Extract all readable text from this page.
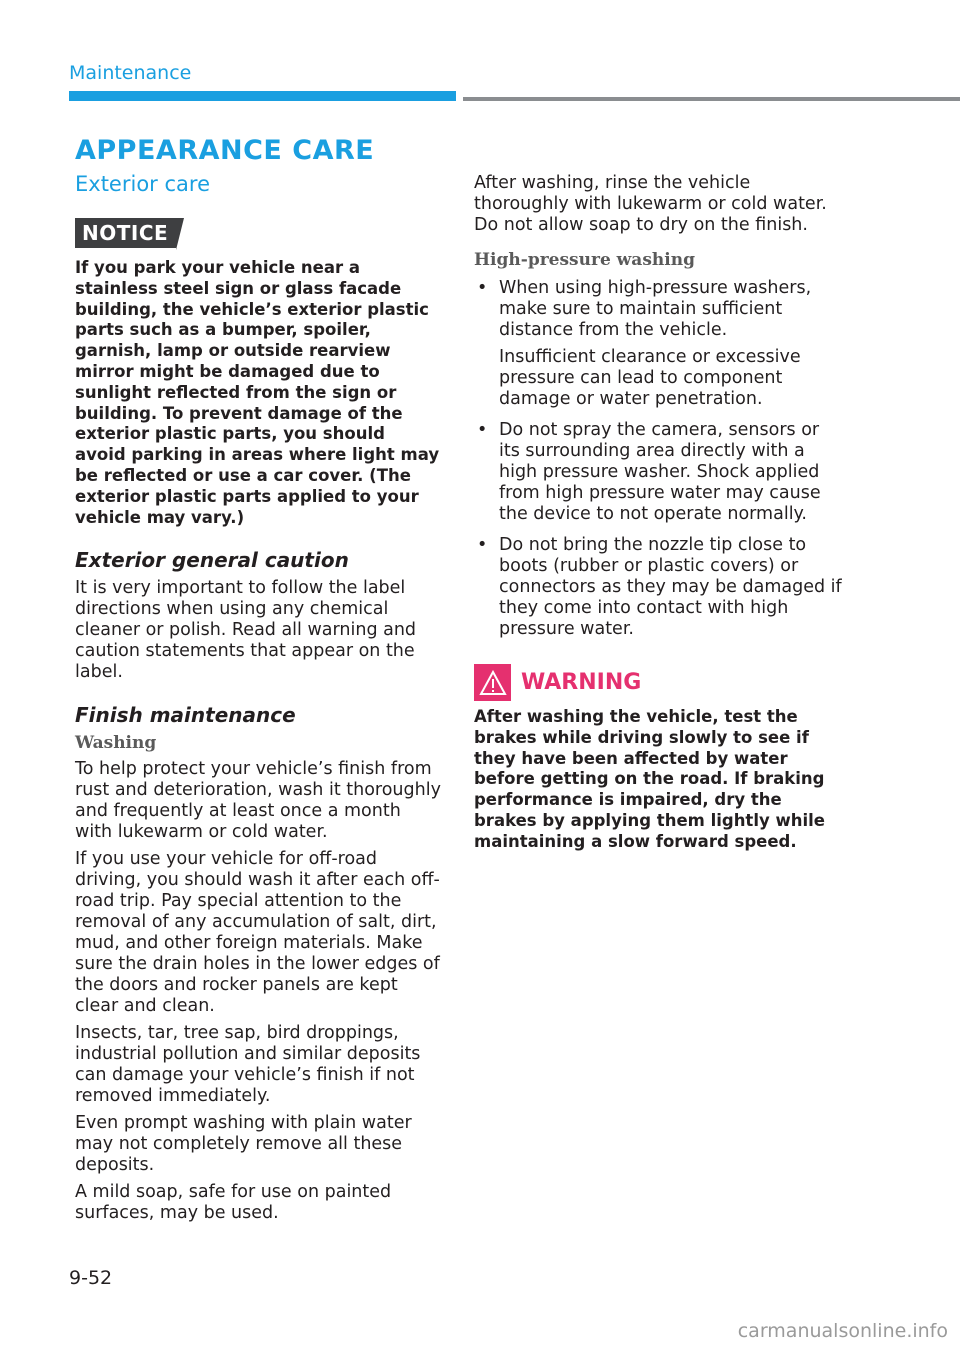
Maintenance
APPEARANCE CARE
Exterior care
NOTICE

If you park your vehicle near a stainless steel sign or glass facade building, the vehicle’s exterior plastic parts such as a bumper, spoiler, garnish, lamp or outside rearview mirror might be damaged due to sunlight reflected from the sign or building. To prevent damage of the exterior plastic parts, you should avoid parking in areas where light may be reflected or use a car cover. (The exterior plastic parts applied to your vehicle may vary.)

Exterior general caution

It is very important to follow the label directions when using any chemical cleaner or polish. Read all warning and caution statements that appear on the label.

Finish maintenance
Washing

To help protect your vehicle’s finish from rust and deterioration, wash it thoroughly and frequently at least once a month with lukewarm or cold water.

If you use your vehicle for off-road driving, you should wash it after each off-road trip. Pay special attention to the removal of any accumulation of salt, dirt, mud, and other foreign materials. Make sure the drain holes in the lower edges of the doors and rocker panels are kept clear and clean.

Insects, tar, tree sap, bird droppings, industrial pollution and similar deposits can damage your vehicle’s finish if not removed immediately.

Even prompt washing with plain water may not completely remove all these deposits.

A mild soap, safe for use on painted surfaces, may be used.

After washing, rinse the vehicle thoroughly with lukewarm or cold water. Do not allow soap to dry on the finish.

High-pressure washing
• When using high-pressure washers, make sure to maintain sufficient distance from the vehicle.
Insufficient clearance or excessive pressure can lead to component damage or water penetration.
• Do not spray the camera, sensors or its surrounding area directly with a high pressure washer. Shock applied from high pressure water may cause the device to not operate normally.
• Do not bring the nozzle tip close to boots (rubber or plastic covers) or connectors as they may be damaged if they come into contact with high pressure water.
WARNING

After washing the vehicle, test the brakes while driving slowly to see if they have been affected by water before getting on the road. If braking performance is impaired, dry the brakes by applying them lightly while maintaining a slow forward speed.

9-52
carmanualsonline.info
